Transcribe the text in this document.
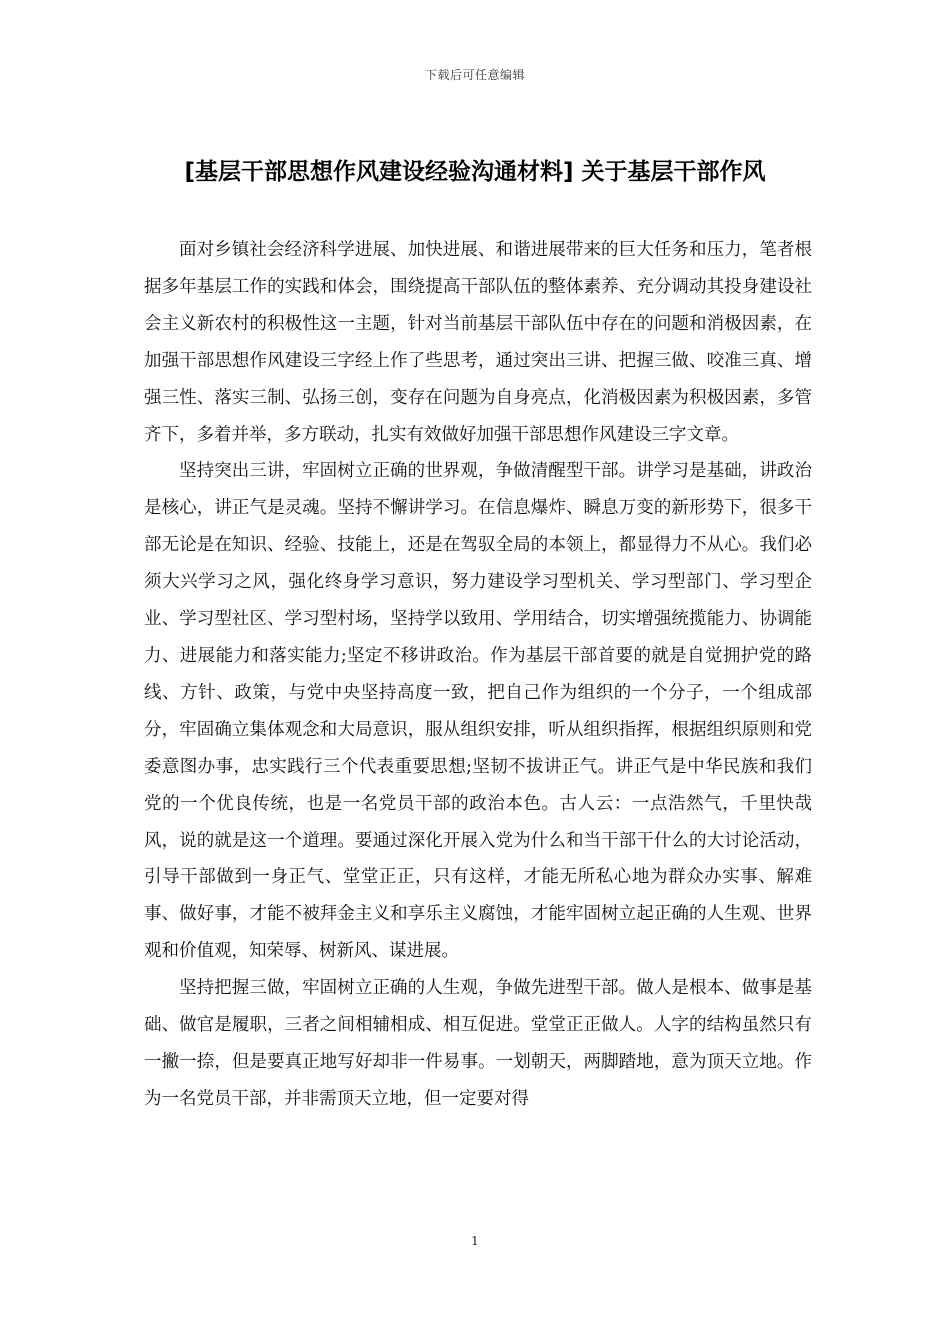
下载后可任意编辑
[基层干部思想作风建设经验沟通材料] 关于基层干部作风

面对乡镇社会经济科学进展、加快进展、和谐进展带来的巨大任务和压力，笔者根据多年基层工作的实践和体会，围绕提高干部队伍的整体素养、充分调动其投身建设社会主义新农村的积极性这一主题，针对当前基层干部队伍中存在的问题和消极因素，在加强干部思想作风建设三字经上作了些思考，通过突出三讲、把握三做、咬准三真、增强三性、落实三制、弘扬三创，变存在问题为自身亮点，化消极因素为积极因素，多管齐下，多着并举，多方联动，扎实有效做好加强干部思想作风建设三字文章。

坚持突出三讲，牢固树立正确的世界观，争做清醒型干部。讲学习是基础，讲政治是核心，讲正气是灵魂。坚持不懈讲学习。在信息爆炸、瞬息万变的新形势下，很多干部无论是在知识、经验、技能上，还是在驾驭全局的本领上，都显得力不从心。我们必须大兴学习之风，强化终身学习意识，努力建设学习型机关、学习型部门、学习型企业、学习型社区、学习型村场，坚持学以致用、学用结合，切实增强统揽能力、协调能力、进展能力和落实能力;坚定不移讲政治。作为基层干部首要的就是自觉拥护党的路线、方针、政策，与党中央坚持高度一致，把自己作为组织的一个分子，一个组成部分，牢固确立集体观念和大局意识，服从组织安排，听从组织指挥，根据组织原则和党委意图办事，忠实践行三个代表重要思想;坚韧不拔讲正气。讲正气是中华民族和我们党的一个优良传统，也是一名党员干部的政治本色。古人云：一点浩然气，千里快哉风，说的就是这一个道理。要通过深化开展入党为什么和当干部干什么的大讨论活动，引导干部做到一身正气、堂堂正正，只有这样，才能无所私心地为群众办实事、解难事、做好事，才能不被拜金主义和享乐主义腐蚀，才能牢固树立起正确的人生观、世界观和价值观，知荣辱、树新风、谋进展。

坚持把握三做，牢固树立正确的人生观，争做先进型干部。做人是根本、做事是基础、做官是履职，三者之间相辅相成、相互促进。堂堂正正做人。人字的结构虽然只有一撇一捺，但是要真正地写好却非一件易事。一划朝天，两脚踏地，意为顶天立地。作为一名党员干部，并非需顶天立地，但一定要对得

1
